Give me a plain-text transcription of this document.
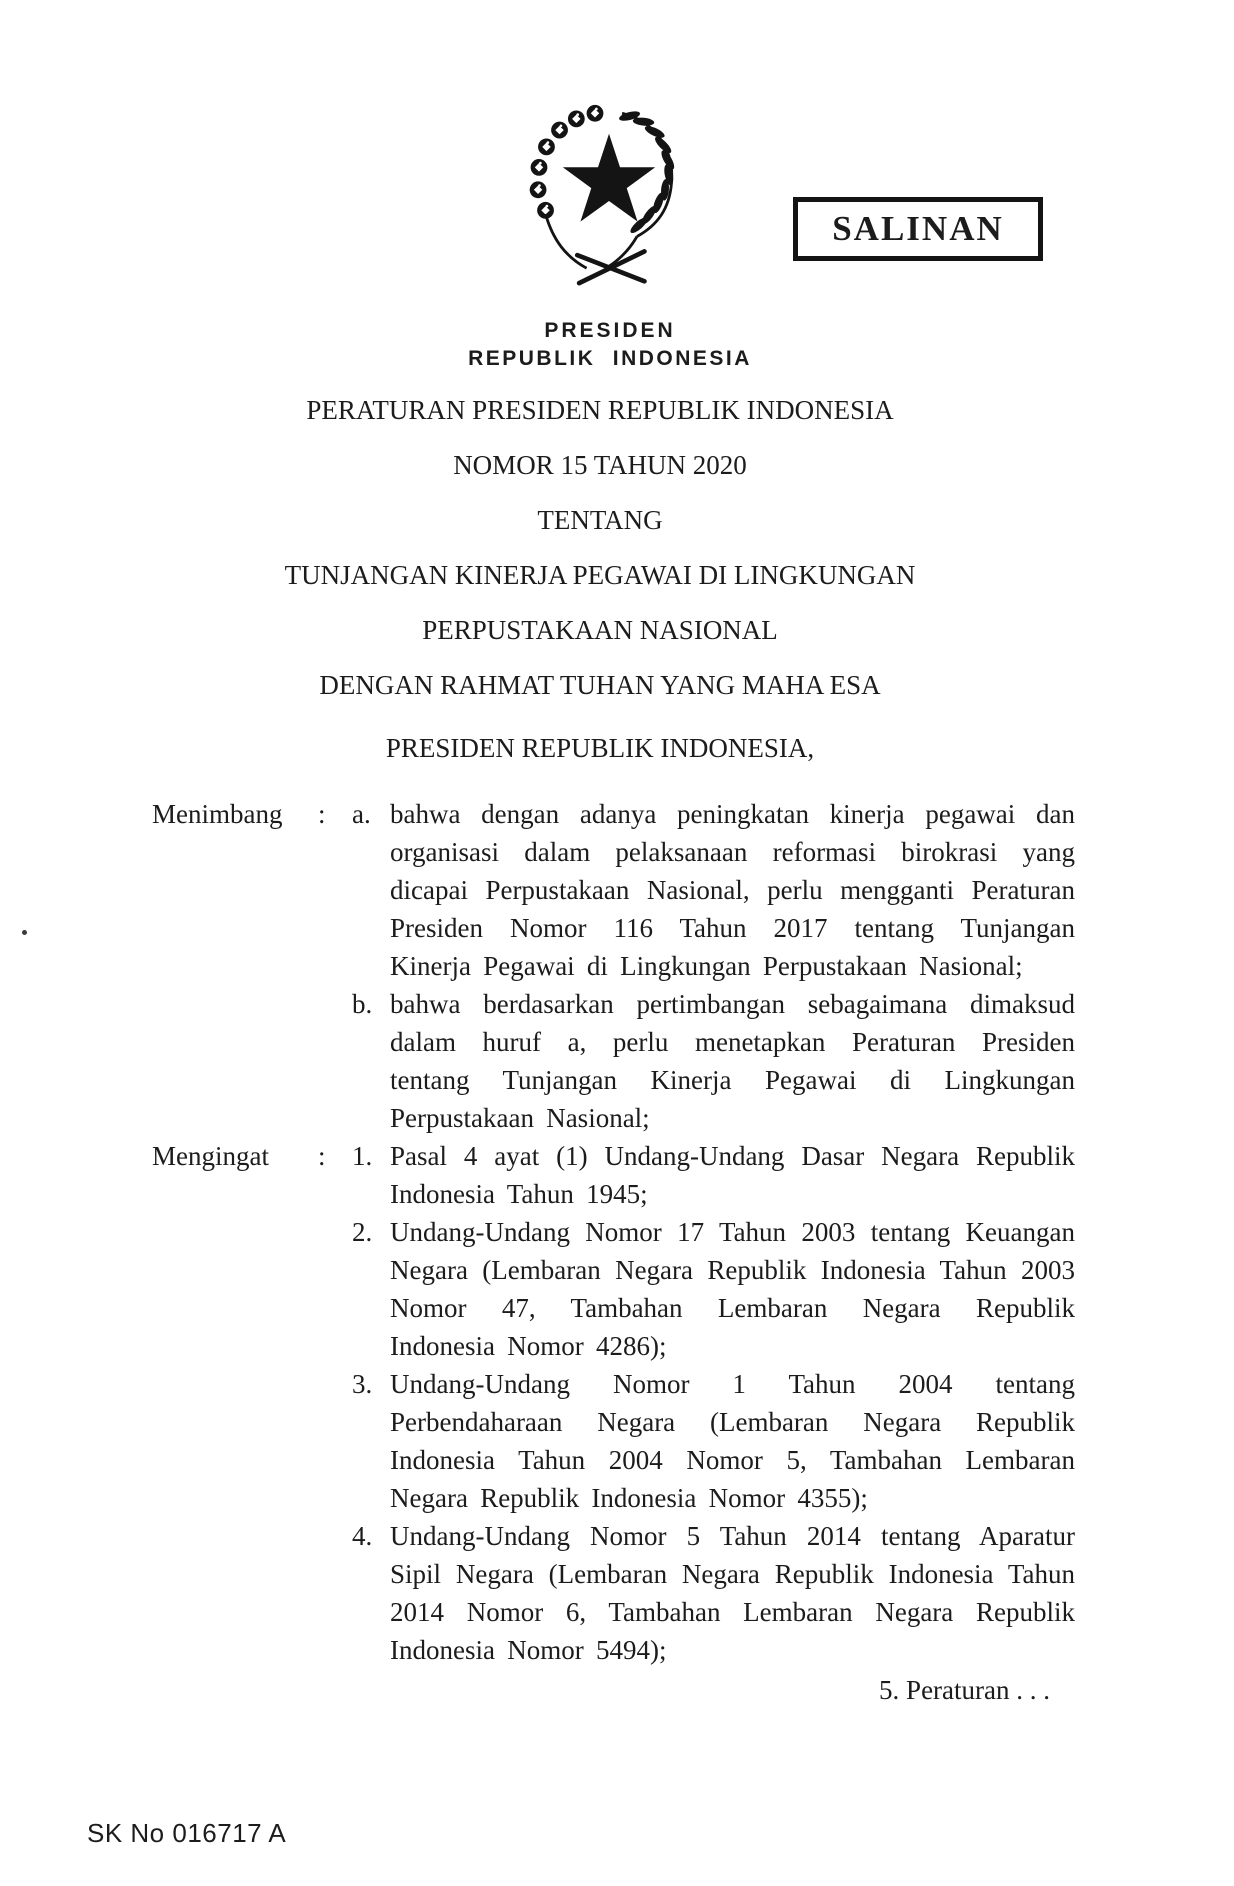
SALINAN

PRESIDEN

REPUBLIK INDONESIA

PERATURAN PRESIDEN REPUBLIK INDONESIA

NOMOR 15 TAHUN 2020

TENTANG

TUNJANGAN KINERJA PEGAWAI DI LINGKUNGAN

PERPUSTAKAAN NASIONAL

DENGAN RAHMAT TUHAN YANG MAHA ESA

PRESIDEN REPUBLIK INDONESIA,

Menimbang	: a. bahwa dengan adanya peningkatan kinerja pegawai dan organisasi dalam pelaksanaan reformasi birokrasi yang dicapai Perpustakaan Nasional, perlu mengganti Peraturan Presiden Nomor 116 Tahun 2017 tentang Tunjangan Kinerja Pegawai di Lingkungan Perpustakaan Nasional;
b. bahwa berdasarkan pertimbangan sebagaimana dimaksud dalam huruf a, perlu menetapkan Peraturan Presiden tentang Tunjangan Kinerja Pegawai di Lingkungan Perpustakaan Nasional;
Mengingat	: 1. Pasal 4 ayat (1) Undang-Undang Dasar Negara Republik Indonesia Tahun 1945;
2. Undang-Undang Nomor 17 Tahun 2003 tentang Keuangan Negara (Lembaran Negara Republik Indonesia Tahun 2003 Nomor 47, Tambahan Lembaran Negara Republik Indonesia Nomor 4286);
3. Undang-Undang Nomor 1 Tahun 2004 tentang Perbendaharaan Negara (Lembaran Negara Republik Indonesia Tahun 2004 Nomor 5, Tambahan Lembaran Negara Republik Indonesia Nomor 4355);
4. Undang-Undang Nomor 5 Tahun 2014 tentang Aparatur Sipil Negara (Lembaran Negara Republik Indonesia Tahun 2014 Nomor 6, Tambahan Lembaran Negara Republik Indonesia Nomor 5494);
5. Peraturan . . .
SK No 016717 A
